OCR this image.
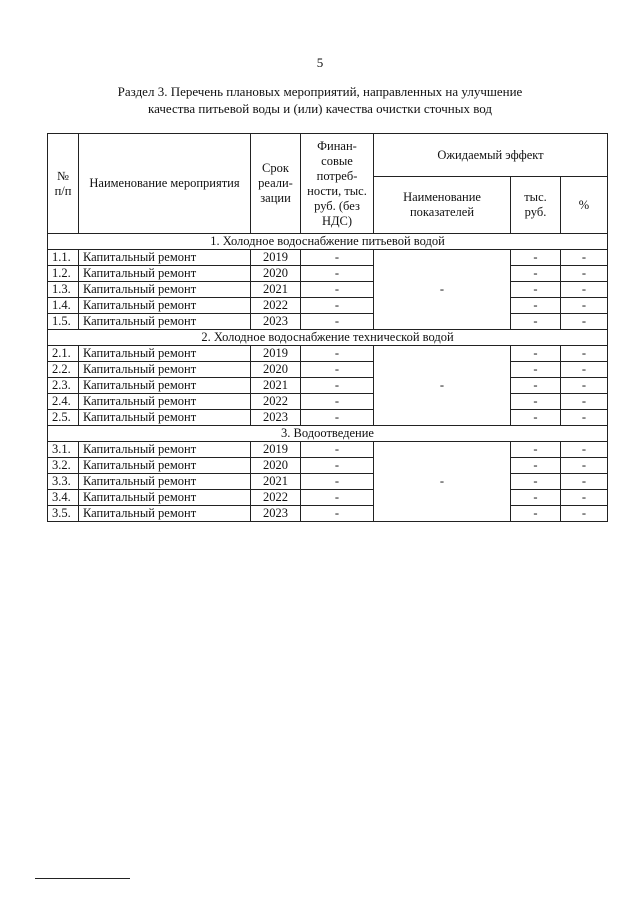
5
Раздел 3. Перечень плановых мероприятий, направленных на улучшение
качества питьевой воды и (или) качества очистки сточных вод
№ п/п	Наименование мероприятия	Срок реали-зации	Финан-совые потреб-ности, тыс. руб. (без НДС)	Ожидаемый эффект		
				Наименование показателей	тыс. руб.	%
1. Холодное водоснабжение питьевой водой						
1.1.	Капитальный ремонт	2019	-	-	-	-
1.2.	Капитальный ремонт	2020	-		-	-
1.3.	Капитальный ремонт	2021	-		-	-
1.4.	Капитальный ремонт	2022	-		-	-
1.5.	Капитальный ремонт	2023	-		-	-
2. Холодное водоснабжение технической водой						
2.1.	Капитальный ремонт	2019	-	-	-	-
2.2.	Капитальный ремонт	2020	-		-	-
2.3.	Капитальный ремонт	2021	-		-	-
2.4.	Капитальный ремонт	2022	-		-	-
2.5.	Капитальный ремонт	2023	-		-	-
3. Водоотведение						
3.1.	Капитальный ремонт	2019	-	-	-	-
3.2.	Капитальный ремонт	2020	-		-	-
3.3.	Капитальный ремонт	2021	-		-	-
3.4.	Капитальный ремонт	2022	-		-	-
3.5.	Капитальный ремонт	2023	-		-	-
